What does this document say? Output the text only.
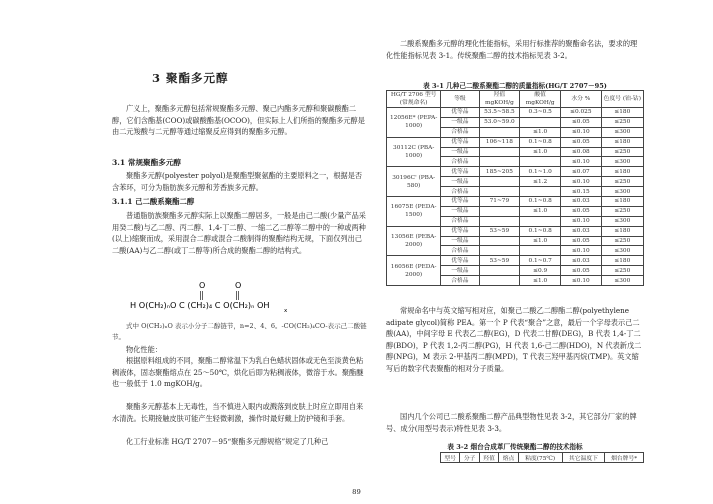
二酸系聚酯多元醇的理化性能指标，采用行标推荐的聚酯命名法，要求的理化性能指标见表 3-1。传统聚酯二醇的技术指标见表 3-2。

3 聚酯多元醇

广义上，聚酯多元醇包括常规聚酯多元醇、聚己内酯多元醇和聚碳酸酯二醇，它们含酯基(COO)或碳酸酯基(OCOO)，但实际上人们所指的聚酯多元醇是由二元羧酸与二元醇等通过缩聚反应得到的聚酯多元醇。

3.1 常规聚酯多元醇

聚酯多元醇(polyester polyol)是聚酯型聚氨酯的主要原料之一，根据是否含苯环，可分为脂肪族多元醇和芳香族多元醇。

3.1.1 己二酸系聚酯二醇

普通脂肪族聚酯多元醇实际上以聚酯二醇居多，一般是由己二酸(少量产品采用癸二酸)与乙二醇、丙二醇、1,4-丁二醇、一缩二乙二醇等二醇中的一种或两种(以上)缩聚而成，采用混合二醇或混合二酸制得的聚酯结构无规，下面仅列出己二酸(AA)与乙二醇(或丁二醇等)所合成的聚酯二醇的结构式。

O	O
H O(CH₂)ₙO C (CH₂)₄ C O(CH₂)ₙ OH
x

式中 O(CH₂)ₙO 表示小分子二醇链节，n=2、4、6。-CO(CH₂)₄CO-表示己二酸链节。

物化性能：

根据原料组成的不同，聚酯二醇常温下为乳白色蜡状固体或无色至淡黄色粘稠液体，固态聚酯熔点在 25～50℃，烘化后即为粘稠液体，微溶于水。聚酯醚也一般低于 1.0 mgKOH/g。

聚酯多元醇基本上无毒性，当不慎进入眼内或溅落到皮肤上时应立即用自来水清洗。长期接触皮肤可能产生轻微刺激，操作时最好戴上防护镜和手套。

化工行业标准 HG/T 2707－95“聚酯多元醇规格”规定了几种己

表 3-1 几种己二酸系聚酯二醇的质量指标(HG/T 2707－95)
HG/T 2706 型号(常规命名)	等级	羟值 mgKOH/g	酸值 mgKOH/g	水分 %	色度号 (铂-钴)
12056E* (PEPA-1000)	优等品	53.5~58.5	0.3~0.5	≤0.025	≤180
	一级品	53.0~59.0		≤0.05	≤250
	合格品		≤1.0	≤0.10	≤300
30112C (PBA-1000)	优等品	106~118	0.1~0.8	≤0.05	≤180
	一级品		≤1.0	≤0.08	≤250
	合格品			≤0.10	≤300
30196C' (PBA-580)	优等品	185~205	0.1~1.0	≤0.07	≤180
	一级品		≤1.2	≤0.10	≤250
	合格品			≤0.15	≤300
16075E (PEDA-1500)	优等品	71~79	0.1~0.8	≤0.03	≤180
	一级品		≤1.0	≤0.05	≤250
	合格品			≤0.10	≤300
13056E (PEBA-2000)	优等品	53~59	0.1~0.8	≤0.03	≤180
	一级品		≤1.0	≤0.05	≤250
	合格品			≤0.10	≤300
16056E (PEDA-2000)	优等品	53~59	0.1~0.7	≤0.03	≤180
	一级品		≤0.9	≤0.05	≤250
	合格品		≤1.0	≤0.10	≤300

常规命名中与英文缩写相对应，如聚己二酸乙二醇酯二醇(polyethylene adipate glycol)简称 PEA。第一个 P 代表“聚合”之意，最后一个字母表示己二酸(AA)，中间字母 E 代表乙二醇(EG)，D 代表二甘醇(DEG)，B 代表 1,4-丁二醇(BDO)，P 代表 1,2-丙二醇(PG)，H 代表 1,6-己二醇(HDO)，N 代表新戊二醇(NPG)，M 表示 2-甲基丙二醇(MPD)，T 代表三羟甲基丙烷(TMP)。英文缩写后的数字代表聚酯的相对分子质量。

国内几个公司已二酸系聚酯二醇产品典型物性见表 3-2，其它部分厂家的牌号、成分(用型号表示)特性见表 3-3。

表 3-2 烟台合成革厂传统聚酯二醇的技术指标
型号	分子	羟值	熔点	粘度(75℃)	其它温度下	烟台牌号*
89
